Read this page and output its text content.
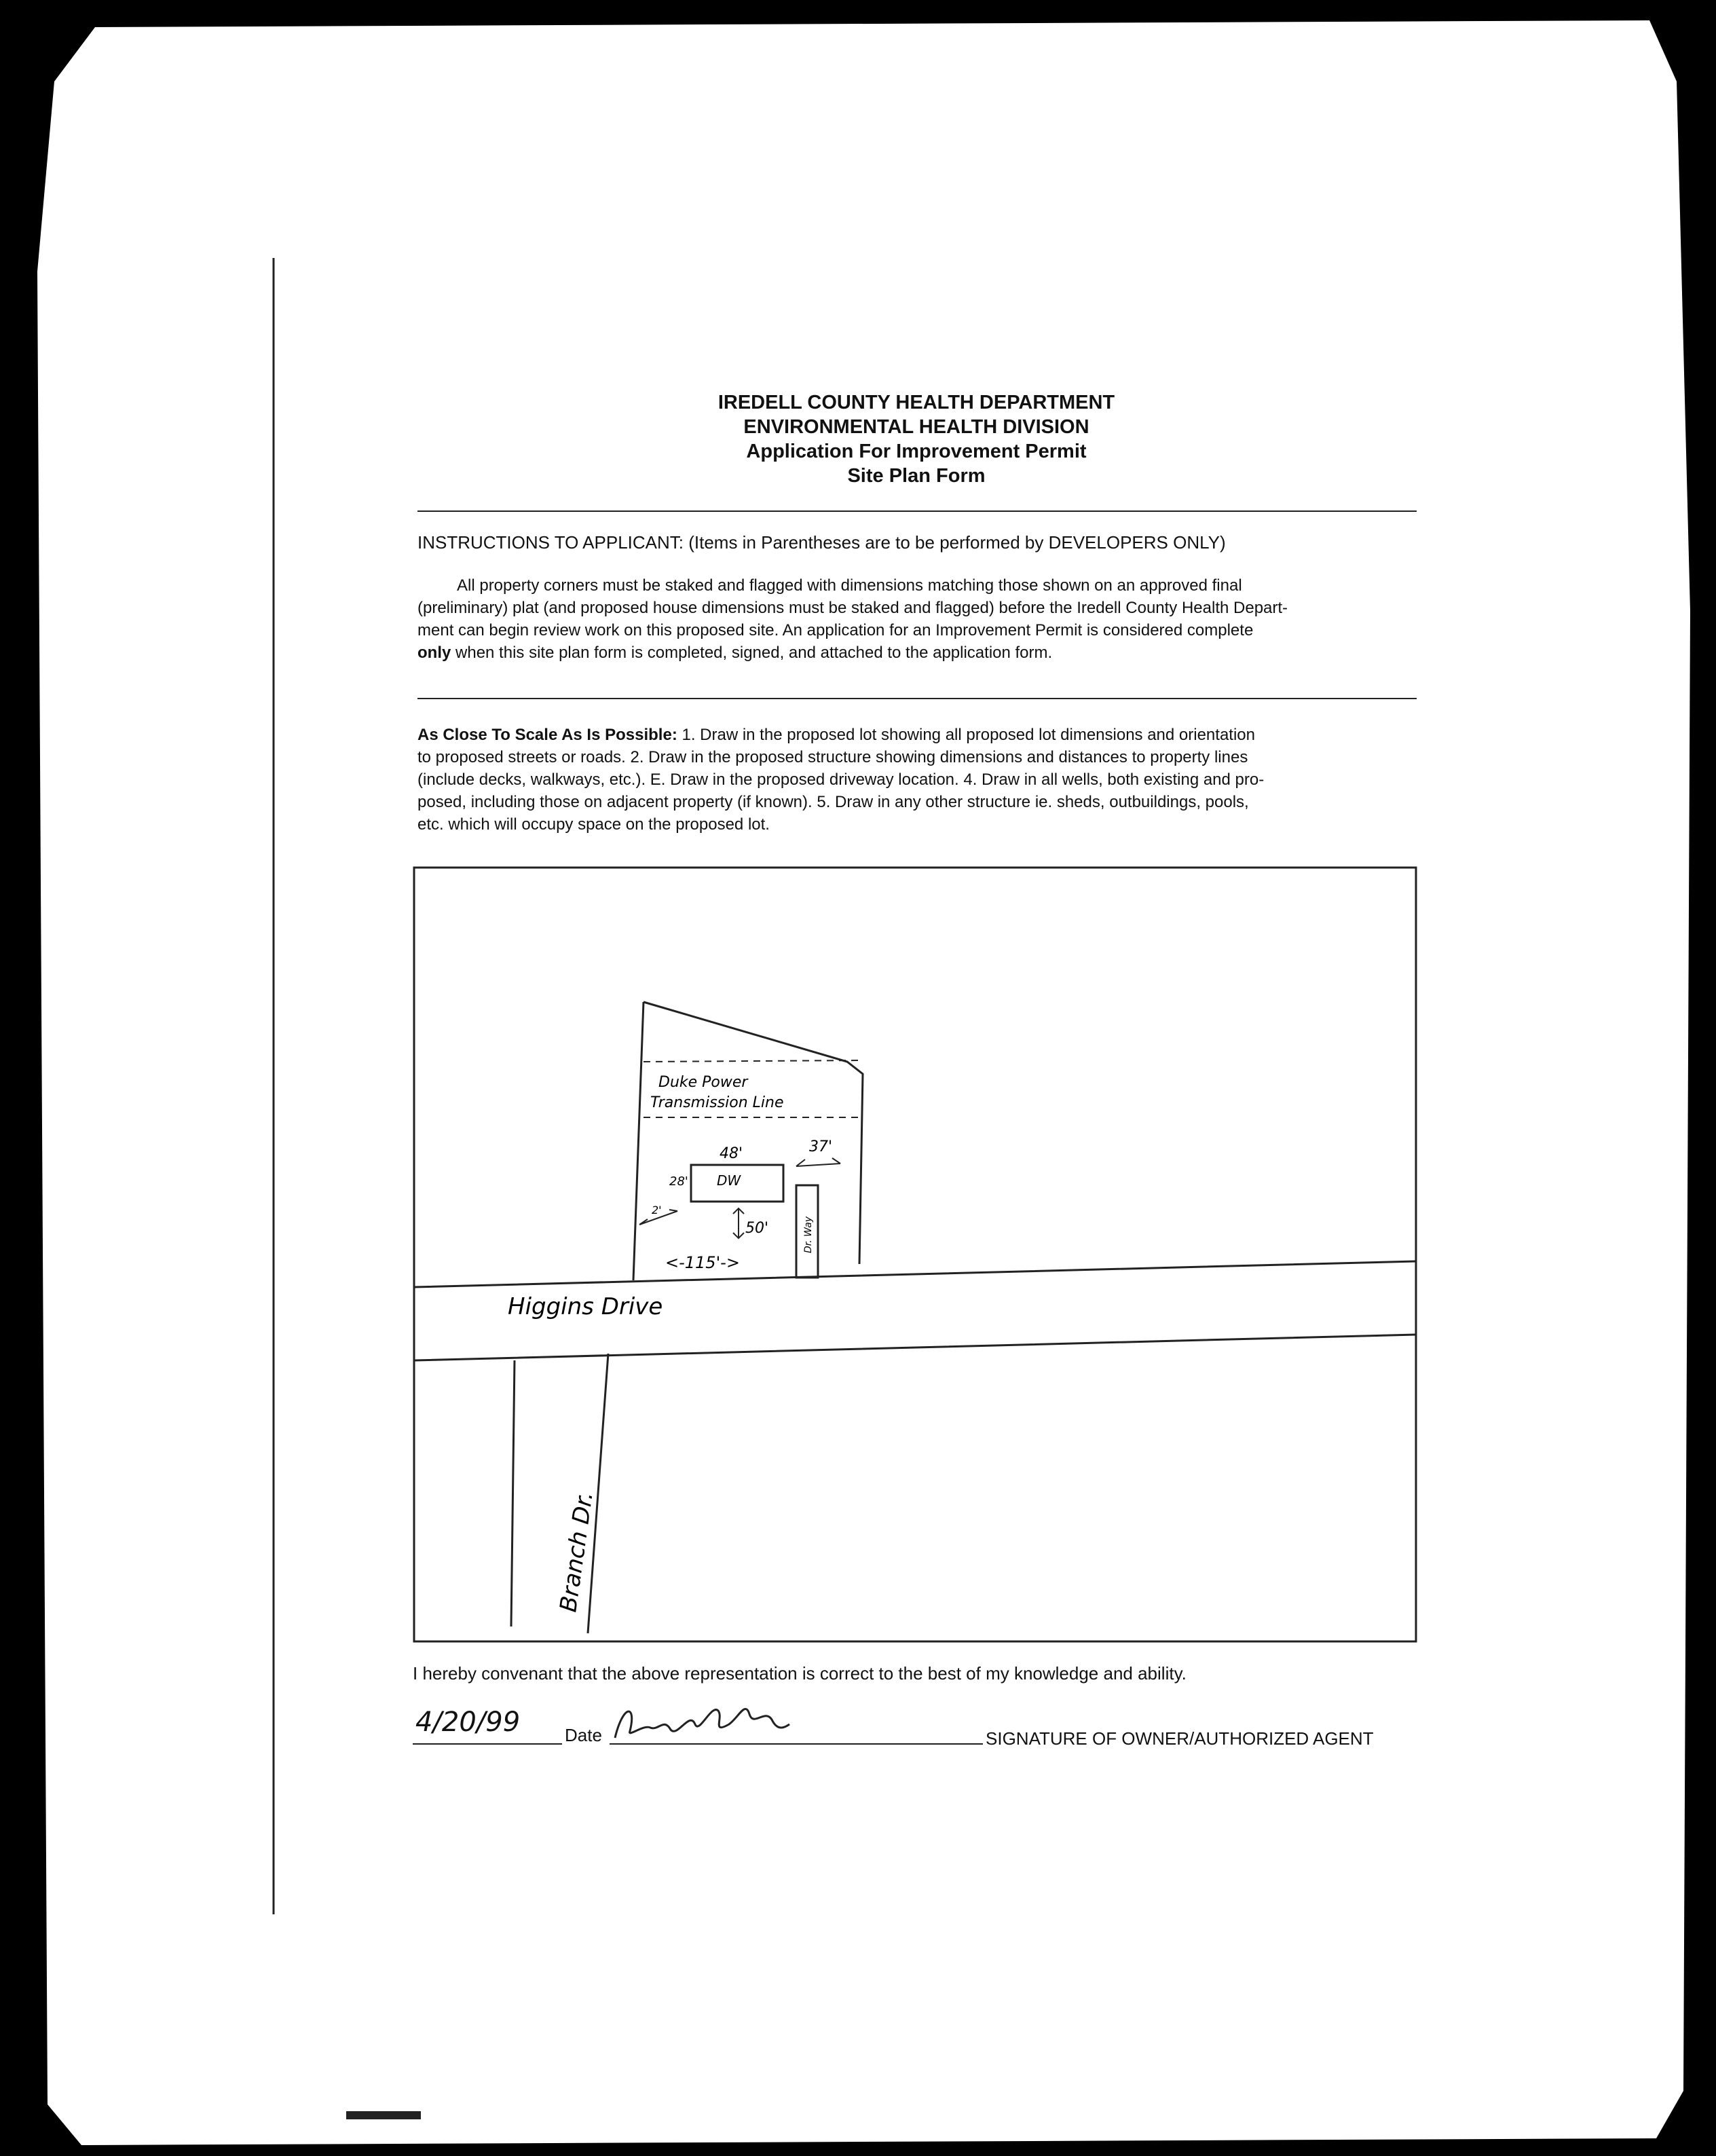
IREDELL COUNTY HEALTH DEPARTMENT
ENVIRONMENTAL HEALTH DIVISION
Application For Improvement Permit
Site Plan Form
INSTRUCTIONS TO APPLICANT: (Items in Parentheses are to be performed by DEVELOPERS ONLY)
All property corners must be staked and flagged with dimensions matching those shown on an approved final
(preliminary) plat (and proposed house dimensions must be staked and flagged) before the Iredell County Health Depart-
ment can begin review work on this proposed site. An application for an Improvement Permit is considered complete
only when this site plan form is completed, signed, and attached to the application form.
As Close To Scale As Is Possible: 1. Draw in the proposed lot showing all proposed lot dimensions and orientation
to proposed streets or roads. 2. Draw in the proposed structure showing dimensions and distances to property lines
(include decks, walkways, etc.). E. Draw in the proposed driveway location. 4. Draw in all wells, both existing and pro-
posed, including those on adjacent property (if known). 5. Draw in any other structure ie. sheds, outbuildings, pools,
etc. which will occupy space on the proposed lot.
Duke Power
Transmission Line
DW
48'
28'
2'
50'
37'
<-115'->
Dr. Way
Higgins Drive
Branch Dr.
I hereby convenant that the above representation is correct to the best of my knowledge and ability.
4/20/99	Date	SIGNATURE OF OWNER/AUTHORIZED AGENT
